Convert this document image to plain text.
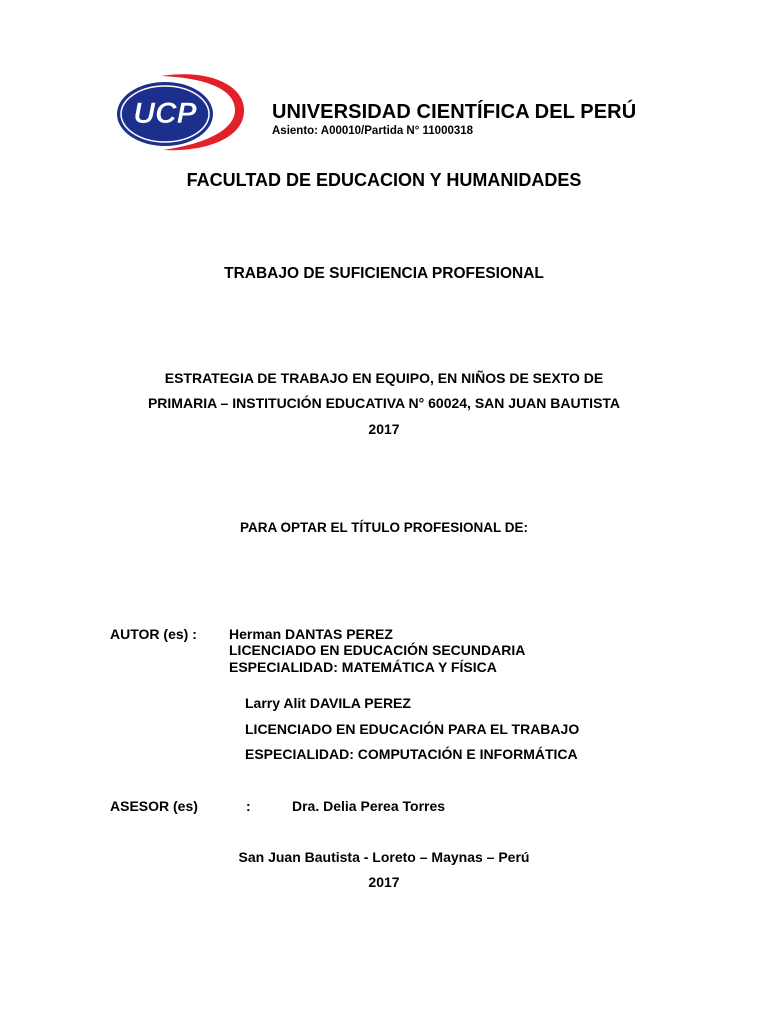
UCP	UNIVERSIDAD CIENTÍFICA DEL PERÚ
Asiento: A00010/Partida N° 11000318
FACULTAD DE EDUCACION Y HUMANIDADES
TRABAJO DE SUFICIENCIA PROFESIONAL
ESTRATEGIA DE TRABAJO EN EQUIPO, EN NIÑOS DE SEXTO DE
PRIMARIA – INSTITUCIÓN EDUCATIVA N° 60024, SAN JUAN BAUTISTA
2017
PARA OPTAR EL TÍTULO PROFESIONAL DE:
AUTOR (es) : Herman DANTAS PEREZ
LICENCIADO EN EDUCACIÓN SECUNDARIA
ESPECIALIDAD: MATEMÁTICA Y FÍSICA
Larry Alit DAVILA PEREZ
LICENCIADO EN EDUCACIÓN PARA EL TRABAJO
ESPECIALIDAD: COMPUTACIÓN E INFORMÁTICA
ASESOR (es)	:	Dra. Delia Perea Torres
San Juan Bautista - Loreto – Maynas – Perú
2017
